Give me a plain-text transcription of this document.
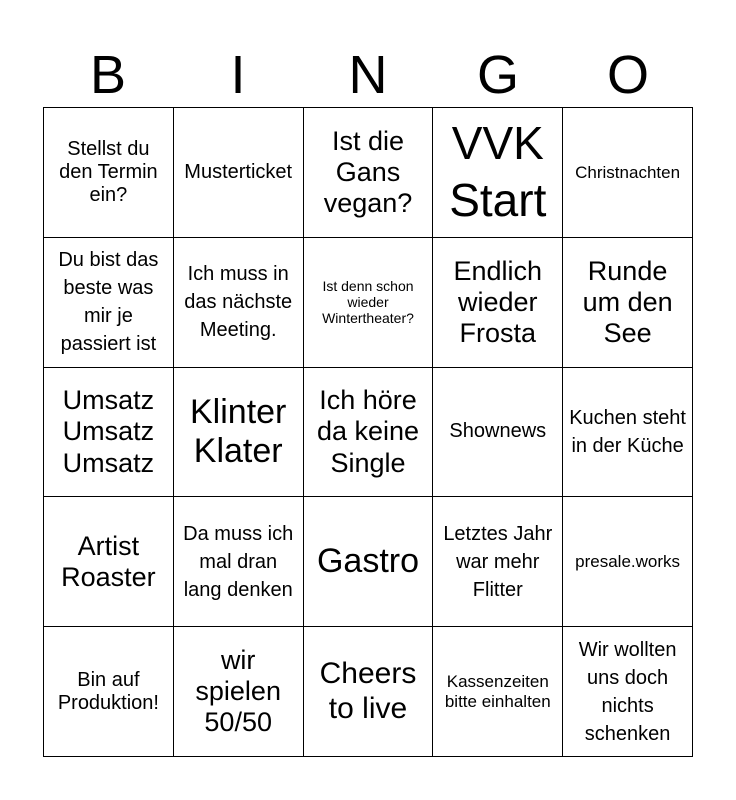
B	I	N	G	O
Stellst du den Termin ein?	Musterticket	Ist die Gans vegan?	VVK Start	Christnachten
Du bist das beste was mir je passiert ist	Ich muss in das nächste Meeting.	Ist denn schon wieder Wintertheater?	Endlich wieder Frosta	Runde um den See
Umsatz Umsatz Umsatz	Klinter Klater	Ich höre da keine Single	Shownews	Kuchen steht in der Küche
Artist Roaster	Da muss ich mal dran lang denken	Gastro	Letztes Jahr war mehr Flitter	presale.works
Bin auf Produktion!	wir spielen 50/50	Cheers to live	Kassenzeiten bitte einhalten	Wir wollten uns doch nichts schenken
